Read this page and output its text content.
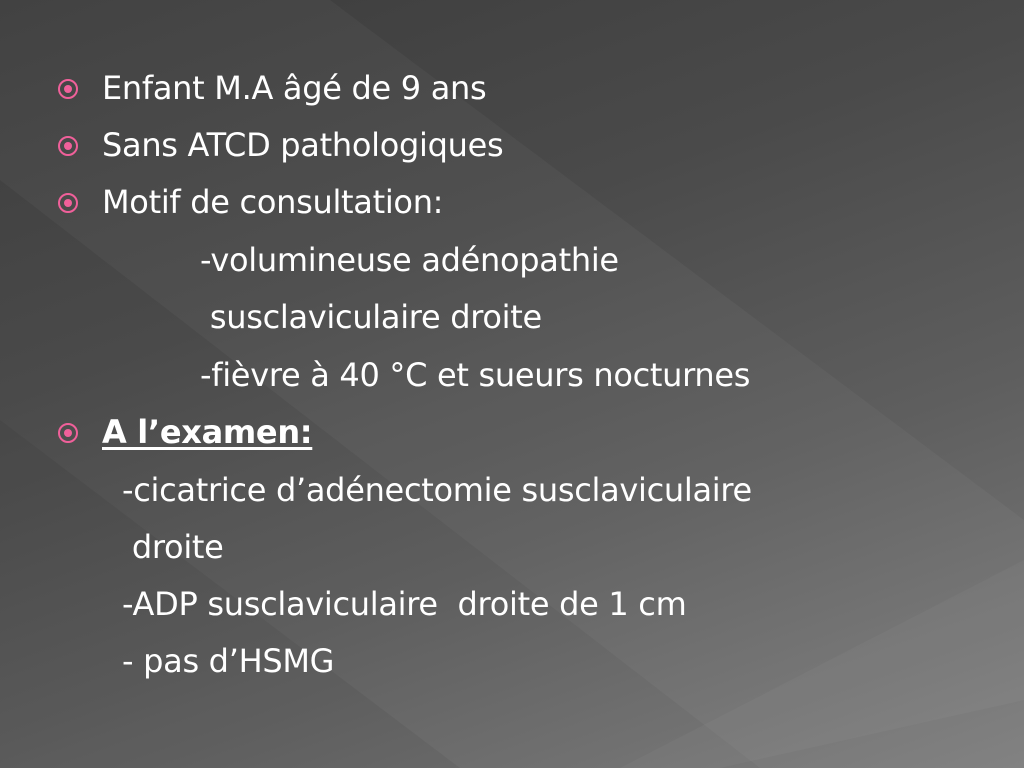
Enfant M.A âgé de 9 ans
Sans ATCD pathologiques
Motif de consultation:
-volumineuse adénopathie
susclaviculaire droite
-fièvre à 40 °C et sueurs nocturnes
A l’examen:
-cicatrice d’adénectomie susclaviculaire
droite
-ADP susclaviculaire  droite de 1 cm
- pas d’HSMG
